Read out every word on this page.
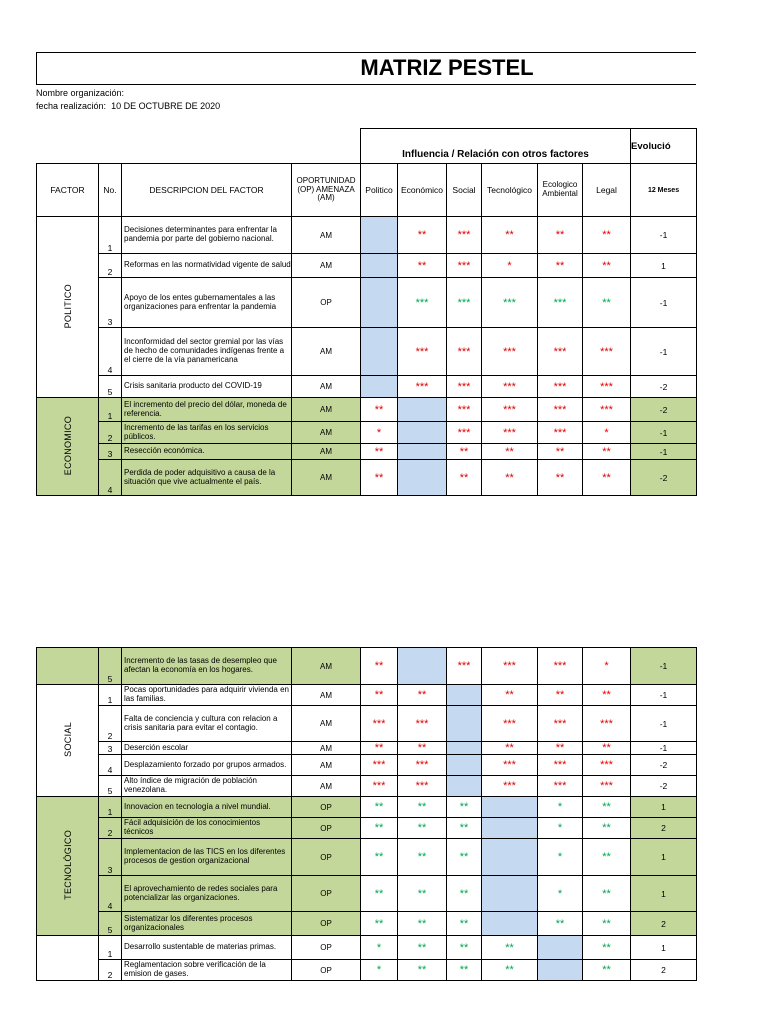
MATRIZ PESTEL
Nombre organización:
fecha realización: 10 DE OCTUBRE DE 2020
				Influencia / Relación con otros factores						Evolució
FACTOR	No.	DESCRIPCION DEL FACTOR	OPORTUNIDAD (OP) AMENAZA (AM)	Politico	Económico	Social	Tecnológico	Ecologico Ambiental	Legal	12 Meses
POLITICO	1	Decisiones determinantes para enfrentar la pandemia por parte del gobierno nacional.	AM		**	***	**	**	**	-1
	2	Reformas en las normatividad vigente de salud	AM		**	***	*	**	**	1
	3	Apoyo de los entes gubernamentales a las organizaciones para enfrentar la pandemia	OP		***	***	***	***	**	-1
	4	Inconformidad del sector gremial por las vías de hecho de comunidades indígenas frente a el cierre de la vía panamericana	AM		***	***	***	***	***	-1
	5	Crisis sanitaria producto del COVID-19	AM		***	***	***	***	***	-2
ECONOMICO	1	El incremento del precio del dólar, moneda de referencia.	AM	**		***	***	***	***	-2
	2	Incremento de las tarifas en los servicios públicos.	AM	*		***	***	***	*	-1
	3	Resección económica.	AM	**		**	**	**	**	-1
	4	Perdida de poder adquisitivo a causa de la situación que vive actualmente el país.	AM	**		**	**	**	**	-2
	5	Incremento de las tasas de desempleo que afectan la economía en los hogares.	AM	**		***	***	***	*	-1
SOCIAL	1	Pocas oportunidades para adquirir vivienda en las familias.	AM	**	**		**	**	**	-1
	2	Falta de conciencia y cultura con relacion a crisis sanitaria para evitar el contagio.	AM	***	***		***	***	***	-1
	3	Deserción escolar	AM	**	**		**	**	**	-1
	4	Desplazamiento forzado por grupos armados.	AM	***	***		***	***	***	-2
	5	Alto índice de migración de población venezolana.	AM	***	***		***	***	***	-2
TECNOLÓGICO	1	Innovacion en tecnología a nivel mundial.	OP	**	**	**		*	**	1
	2	Fácil adquisición de los conocimientos técnicos	OP	**	**	**		*	**	2
	3	Implementacion de las TICS en los diferentes procesos de gestion organizacional	OP	**	**	**		*	**	1
	4	El aprovechamiento de redes sociales para potencializar las organizaciones.	OP	**	**	**		*	**	1
	5	Sistematizar los diferentes procesos organizacionales	OP	**	**	**		**	**	2
	1	Desarrollo sustentable de materias primas.	OP	*	**	**	**		**	1
	2	Reglamentacion sobre verificación de la emision de gases.	OP	*	**	**	**		**	2
